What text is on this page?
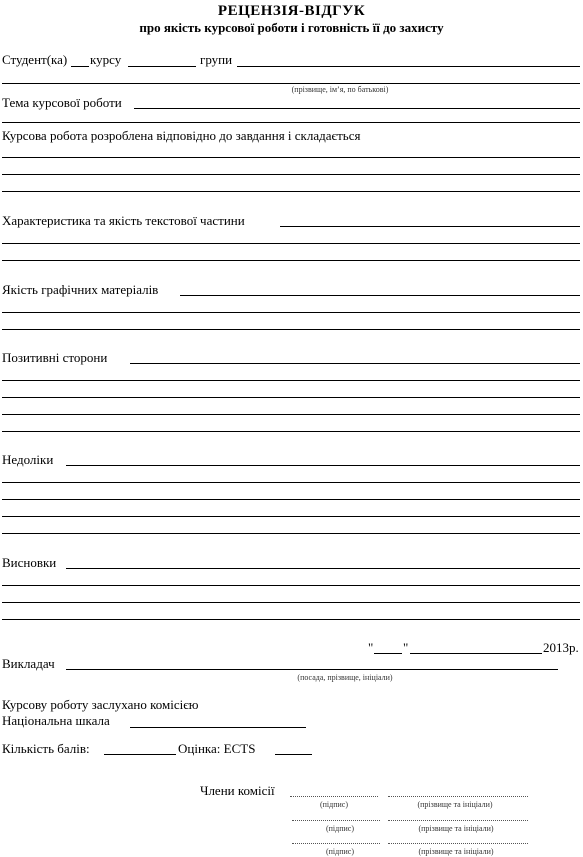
РЕЦЕНЗІЯ-ВІДГУК
про якість курсової роботи і готовність її до захисту
Студент(ка) курсу	групи
(прізвище, ім’я, по батькові)
Тема курсової роботи
Курсова робота розроблена відповідно до завдання і складається
Характеристика та якість текстової частини
Якість графічних матеріалів
Позитивні сторони
Недоліки
Висновки
" "	2013р.
Викладач
(посада, прізвище, ініціали)
Курсову роботу заслухано комісією
Національна шкала
Кількість балів:	Оцінка: ECTS
Члени комісії
(підпис)	(прізвище та ініціали)
(підпис)	(прізвище та ініціали)
(підпис)	(прізвище та ініціали)
